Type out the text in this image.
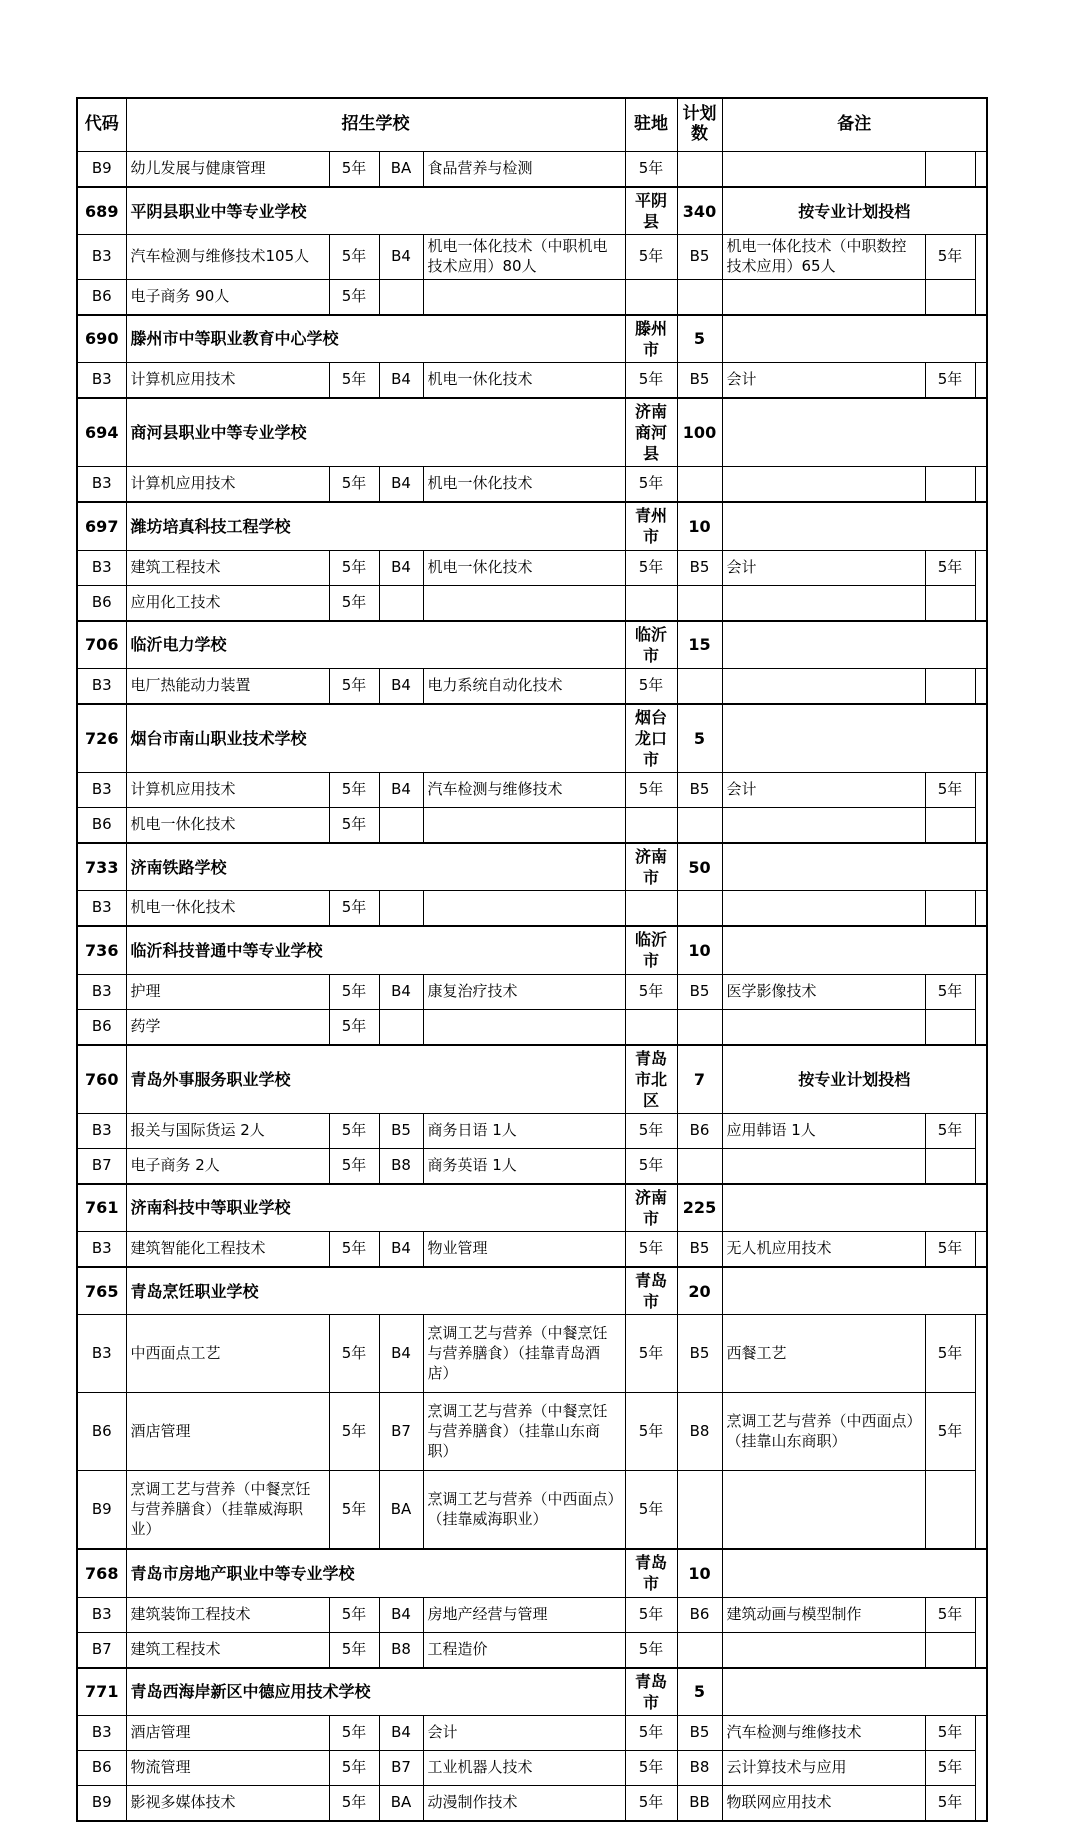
代码	招生学校				驻地	计划数	备注	
B9	幼儿发展与健康管理	5年	BA	食品营养与检测	5年			
689	平阴县职业中等专业学校				平阴县	340	按专业计划投档	
B3	汽车检测与维修技术105人	5年	B4	机电一体化技术（中职机电技术应用）80人	5年	B5	机电一体化技术（中职数控技术应用）65人	5年
B6	电子商务 90人	5年						
690	滕州市中等职业教育中心学校				滕州市	5		
B3	计算机应用技术	5年	B4	机电一休化技术	5年	B5	会计	5年
694	商河县职业中等专业学校				济南商河县	100		
B3	计算机应用技术	5年	B4	机电一休化技术	5年			
697	潍坊培真科技工程学校				青州市	10		
B3	建筑工程技术	5年	B4	机电一休化技术	5年	B5	会计	5年
B6	应用化工技术	5年						
706	临沂电力学校				临沂市	15		
B3	电厂热能动力装置	5年	B4	电力系统自动化技术	5年			
726	烟台市南山职业技术学校				烟台龙口市	5		
B3	计算机应用技术	5年	B4	汽车检测与维修技术	5年	B5	会计	5年
B6	机电一休化技术	5年						
733	济南铁路学校				济南市	50		
B3	机电一休化技术	5年						
736	临沂科技普通中等专业学校				临沂市	10		
B3	护理	5年	B4	康复治疗技术	5年	B5	医学影像技术	5年
B6	药学	5年						
760	青岛外事服务职业学校				青岛市北区	7	按专业计划投档	
B3	报关与国际货运 2人	5年	B5	商务日语 1人	5年	B6	应用韩语 1人	5年
B7	电子商务 2人	5年	B8	商务英语 1人	5年			
761	济南科技中等职业学校				济南市	225		
B3	建筑智能化工程技术	5年	B4	物业管理	5年	B5	无人机应用技术	5年
765	青岛烹饪职业学校				青岛市	20		
B3	中西面点工艺	5年	B4	烹调工艺与营养（中餐烹饪与营养膳食）（挂靠青岛酒店）	5年	B5	西餐工艺	5年
B6	酒店管理	5年	B7	烹调工艺与营养（中餐烹饪与营养膳食）（挂靠山东商职）	5年	B8	烹调工艺与营养（中西面点）（挂靠山东商职）	5年
B9	烹调工艺与营养（中餐烹饪与营养膳食）（挂靠威海职业）	5年	BA	烹调工艺与营养（中西面点）（挂靠威海职业）	5年			
768	青岛市房地产职业中等专业学校				青岛市	10		
B3	建筑装饰工程技术	5年	B4	房地产经营与管理	5年	B6	建筑动画与模型制作	5年
B7	建筑工程技术	5年	B8	工程造价	5年			
771	青岛西海岸新区中德应用技术学校				青岛市	5		
B3	酒店管理	5年	B4	会计	5年	B5	汽车检测与维修技术	5年
B6	物流管理	5年	B7	工业机器人技术	5年	B8	云计算技术与应用	5年
B9	影视多媒体技术	5年	BA	动漫制作技术	5年	BB	物联网应用技术	5年
